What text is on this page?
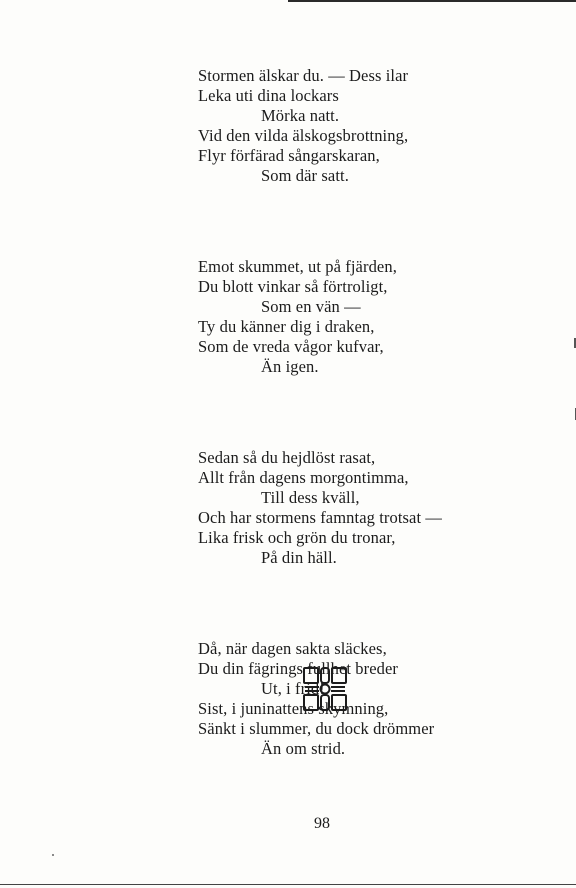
Stormen älskar du. — Dess ilar
Leka uti dina lockars
Mörka natt.
Vid den vilda älskogsbrottning,
Flyr förfärad sångarskaran,
Som där satt.
Emot skummet, ut på fjärden,
Du blott vinkar så förtroligt,
Som en vän —
Ty du känner dig i draken,
Som de vreda vågor kufvar,
Än igen.
Sedan så du hejdlöst rasat,
Allt från dagens morgontimma,
Till dess kväll,
Och har stormens famntag trotsat —
Lika frisk och grön du tronar,
På din häll.
Då, när dagen sakta släckes,
Du din fägrings fullhet breder
Ut, i frid!
Sist, i juninattens skymning,
Sänkt i slummer, du dock drömmer
Än om strid.
98
